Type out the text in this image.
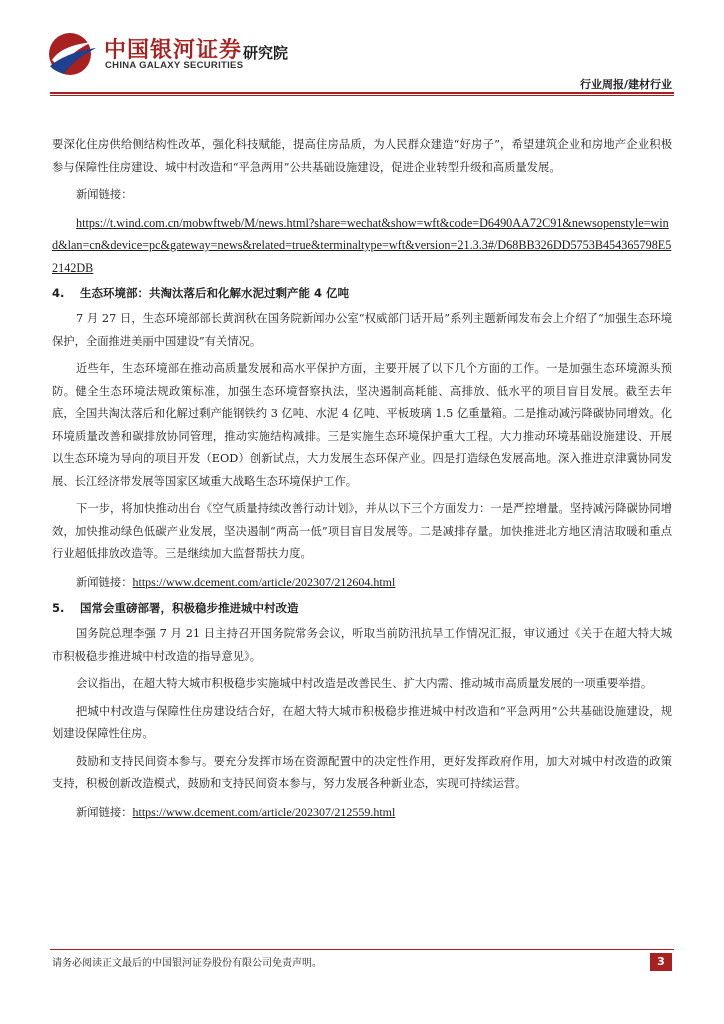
中国银河证券
CHINA GALAXY SECURITIES
研究院
行业周报/建材行业

要深化住房供给侧结构性改革，强化科技赋能，提高住房品质，为人民群众建造“好房子”，希望建筑企业和房地产企业积极参与保障性住房建设、城中村改造和“平急两用”公共基础设施建设，促进企业转型升级和高质量发展。

新闻链接：

https://t.wind.com.cn/mobwftweb/M/news.html?share=wechat&show=wft&code=D6490AA72C91&newsopenstyle=wind&lan=cn&device=pc&gateway=news&related=true&terminaltype=wft&version=21.3.3#/D68BB326DD5753B454365798E52142DB

4. 生态环境部：共淘汰落后和化解水泥过剩产能 4 亿吨

7 月 27 日，生态环境部部长黄润秋在国务院新闻办公室“权威部门话开局”系列主题新闻发布会上介绍了“加强生态环境保护，全面推进美丽中国建设”有关情况。

近些年，生态环境部在推动高质量发展和高水平保护方面，主要开展了以下几个方面的工作。一是加强生态环境源头预防。健全生态环境法规政策标准，加强生态环境督察执法，坚决遏制高耗能、高排放、低水平的项目盲目发展。截至去年底，全国共淘汰落后和化解过剩产能钢铁约 3 亿吨、水泥 4 亿吨、平板玻璃 1.5 亿重量箱。二是推动减污降碳协同增效。化环境质量改善和碳排放协同管理，推动实施结构减排。三是实施生态环境保护重大工程。大力推动环境基础设施建设、开展以生态环境为导向的项目开发（EOD）创新试点，大力发展生态环保产业。四是打造绿色发展高地。深入推进京津冀协同发展、长江经济带发展等国家区域重大战略生态环境保护工作。

下一步，将加快推动出台《空气质量持续改善行动计划》，并从以下三个方面发力：一是严控增量。坚持减污降碳协同增效，加快推动绿色低碳产业发展，坚决遏制“两高一低”项目盲目发展等。二是减排存量。加快推进北方地区清洁取暖和重点行业超低排放改造等。三是继续加大监督帮扶力度。

新闻链接：https://www.dcement.com/article/202307/212604.html

5. 国常会重磅部署，积极稳步推进城中村改造

国务院总理李强 7 月 21 日主持召开国务院常务会议，听取当前防汛抗旱工作情况汇报，审议通过《关于在超大特大城市积极稳步推进城中村改造的指导意见》。

会议指出，在超大特大城市积极稳步实施城中村改造是改善民生、扩大内需、推动城市高质量发展的一项重要举措。

把城中村改造与保障性住房建设结合好，在超大特大城市积极稳步推进城中村改造和“平急两用”公共基础设施建设，规划建设保障性住房。

鼓励和支持民间资本参与。要充分发挥市场在资源配置中的决定性作用，更好发挥政府作用，加大对城中村改造的政策支持，积极创新改造模式，鼓励和支持民间资本参与，努力发展各种新业态，实现可持续运营。

新闻链接：https://www.dcement.com/article/202307/212559.html

请务必阅读正文最后的中国银河证券股份有限公司免责声明。	3
